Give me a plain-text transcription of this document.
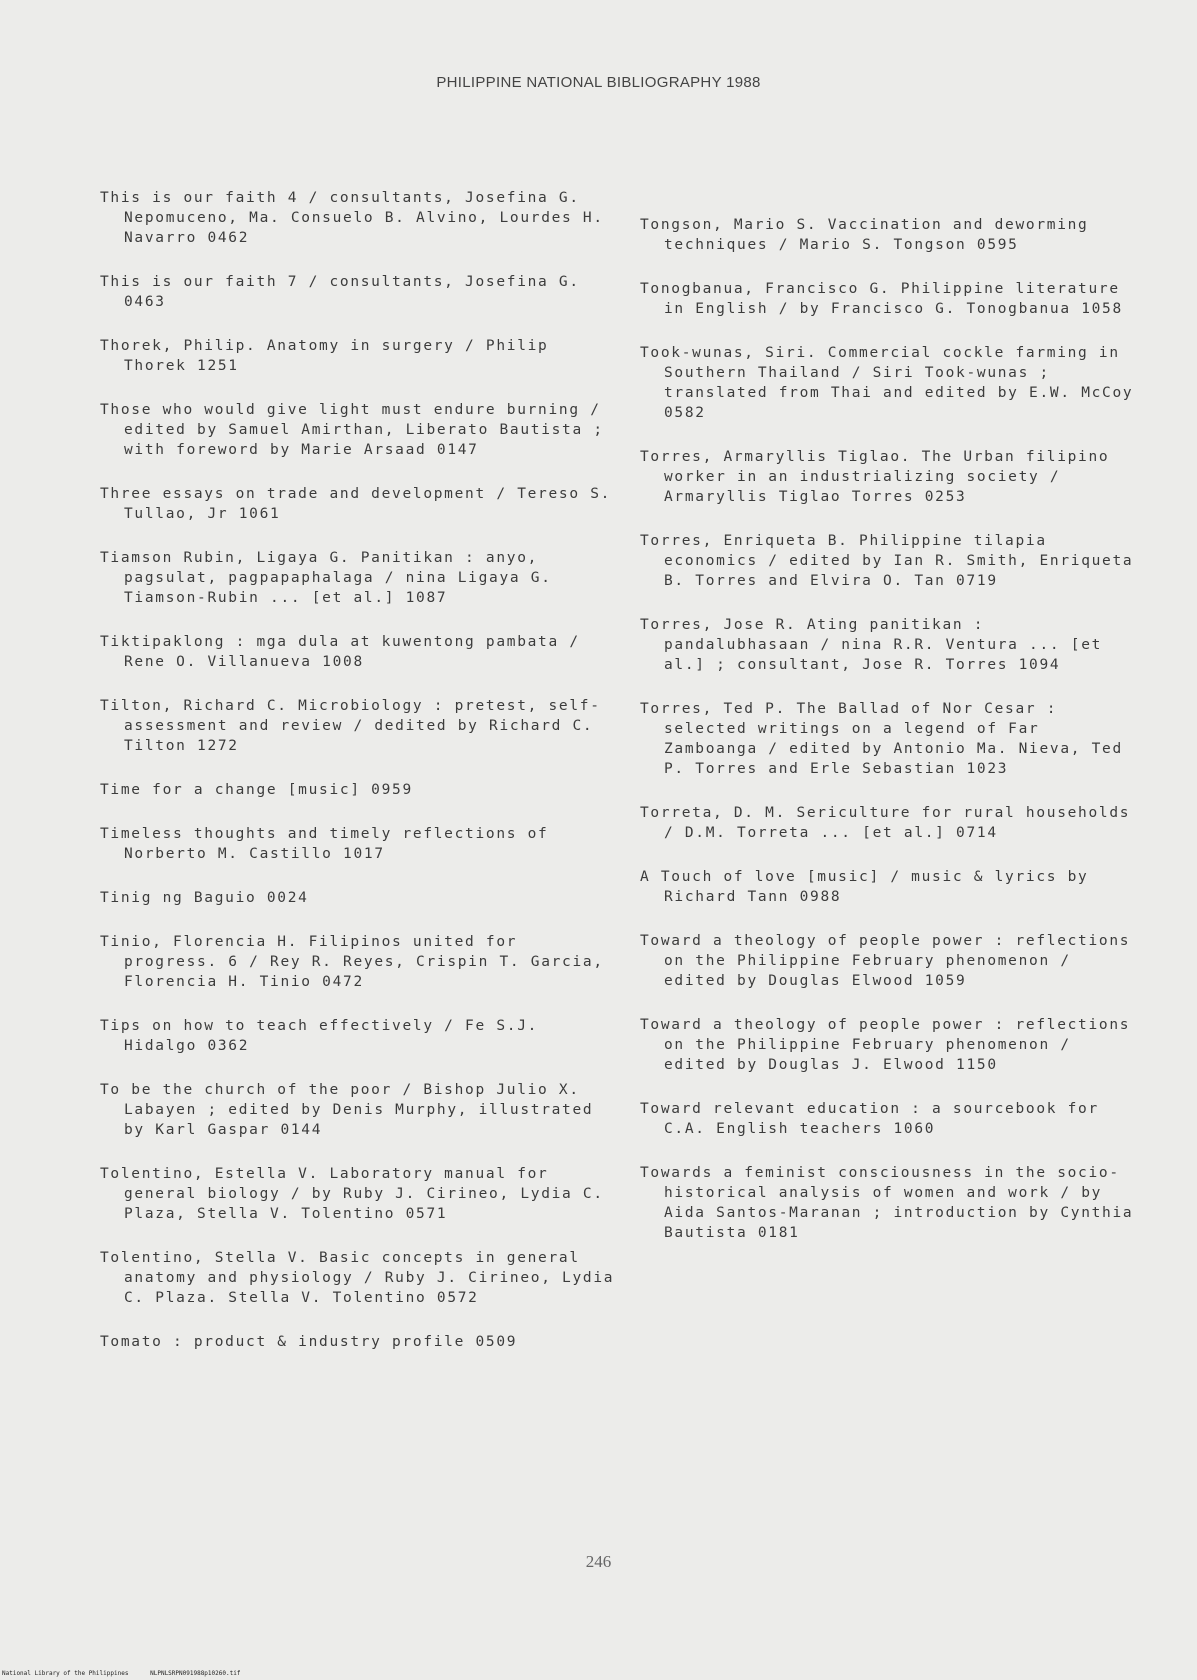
PHILIPPINE NATIONAL BIBLIOGRAPHY 1988
This is our faith 4 / consultants, Josefina G. Nepomuceno, Ma. Consuelo B. Alvino, Lourdes H. Navarro 0462
This is our faith 7 / consultants, Josefina G. 0463
Thorek, Philip. Anatomy in surgery / Philip Thorek 1251
Those who would give light must endure burning / edited by Samuel Amirthan, Liberato Bautista ; with foreword by Marie Arsaad 0147
Three essays on trade and development / Tereso S. Tullao, Jr 1061
Tiamson Rubin, Ligaya G. Panitikan : anyo, pagsulat, pagpapaphalaga / nina Ligaya G. Tiamson-Rubin ... [et al.] 1087
Tiktipaklong : mga dula at kuwentong pambata / Rene O. Villanueva 1008
Tilton, Richard C. Microbiology : pretest, self-assessment and review / dedited by Richard C. Tilton 1272
Time for a change [music] 0959
Timeless thoughts and timely reflections of Norberto M. Castillo 1017
Tinig ng Baguio 0024
Tinio, Florencia H. Filipinos united for progress. 6 / Rey R. Reyes, Crispin T. Garcia, Florencia H. Tinio 0472
Tips on how to teach effectively / Fe S.J. Hidalgo 0362
To be the church of the poor / Bishop Julio X. Labayen ; edited by Denis Murphy, illustrated by Karl Gaspar 0144
Tolentino, Estella V. Laboratory manual for general biology / by Ruby J. Cirineo, Lydia C. Plaza, Stella V. Tolentino 0571
Tolentino, Stella V. Basic concepts in general anatomy and physiology / Ruby J. Cirineo, Lydia C. Plaza. Stella V. Tolentino 0572
Tomato : product & industry profile 0509
Tongson, Mario S. Vaccination and deworming techniques / Mario S. Tongson 0595
Tonogbanua, Francisco G. Philippine literature in English / by Francisco G. Tonogbanua 1058
Took-wunas, Siri. Commercial cockle farming in Southern Thailand / Siri Took-wunas ; translated from Thai and edited by E.W. McCoy 0582
Torres, Armaryllis Tiglao. The Urban filipino worker in an industrializing society / Armaryllis Tiglao Torres 0253
Torres, Enriqueta B. Philippine tilapia economics / edited by Ian R. Smith, Enriqueta B. Torres and Elvira O. Tan 0719
Torres, Jose R. Ating panitikan : pandalubhasaan / nina R.R. Ventura ... [et al.] ; consultant, Jose R. Torres 1094
Torres, Ted P. The Ballad of Nor Cesar : selected writings on a legend of Far Zamboanga / edited by Antonio Ma. Nieva, Ted P. Torres and Erle Sebastian 1023
Torreta, D. M. Sericulture for rural households / D.M. Torreta ... [et al.] 0714
A Touch of love [music] / music & lyrics by Richard Tann 0988
Toward a theology of people power : reflections on the Philippine February phenomenon / edited by Douglas Elwood 1059
Toward a theology of people power : reflections on the Philippine February phenomenon / edited by Douglas J. Elwood 1150
Toward relevant education : a sourcebook for C.A. English teachers 1060
Towards a feminist consciousness in the socio-historical analysis of women and work / by Aida Santos-Maranan ; introduction by Cynthia Bautista 0181
246
National Library of the Philippines	NLPNLSRPN091988p10260.tif
